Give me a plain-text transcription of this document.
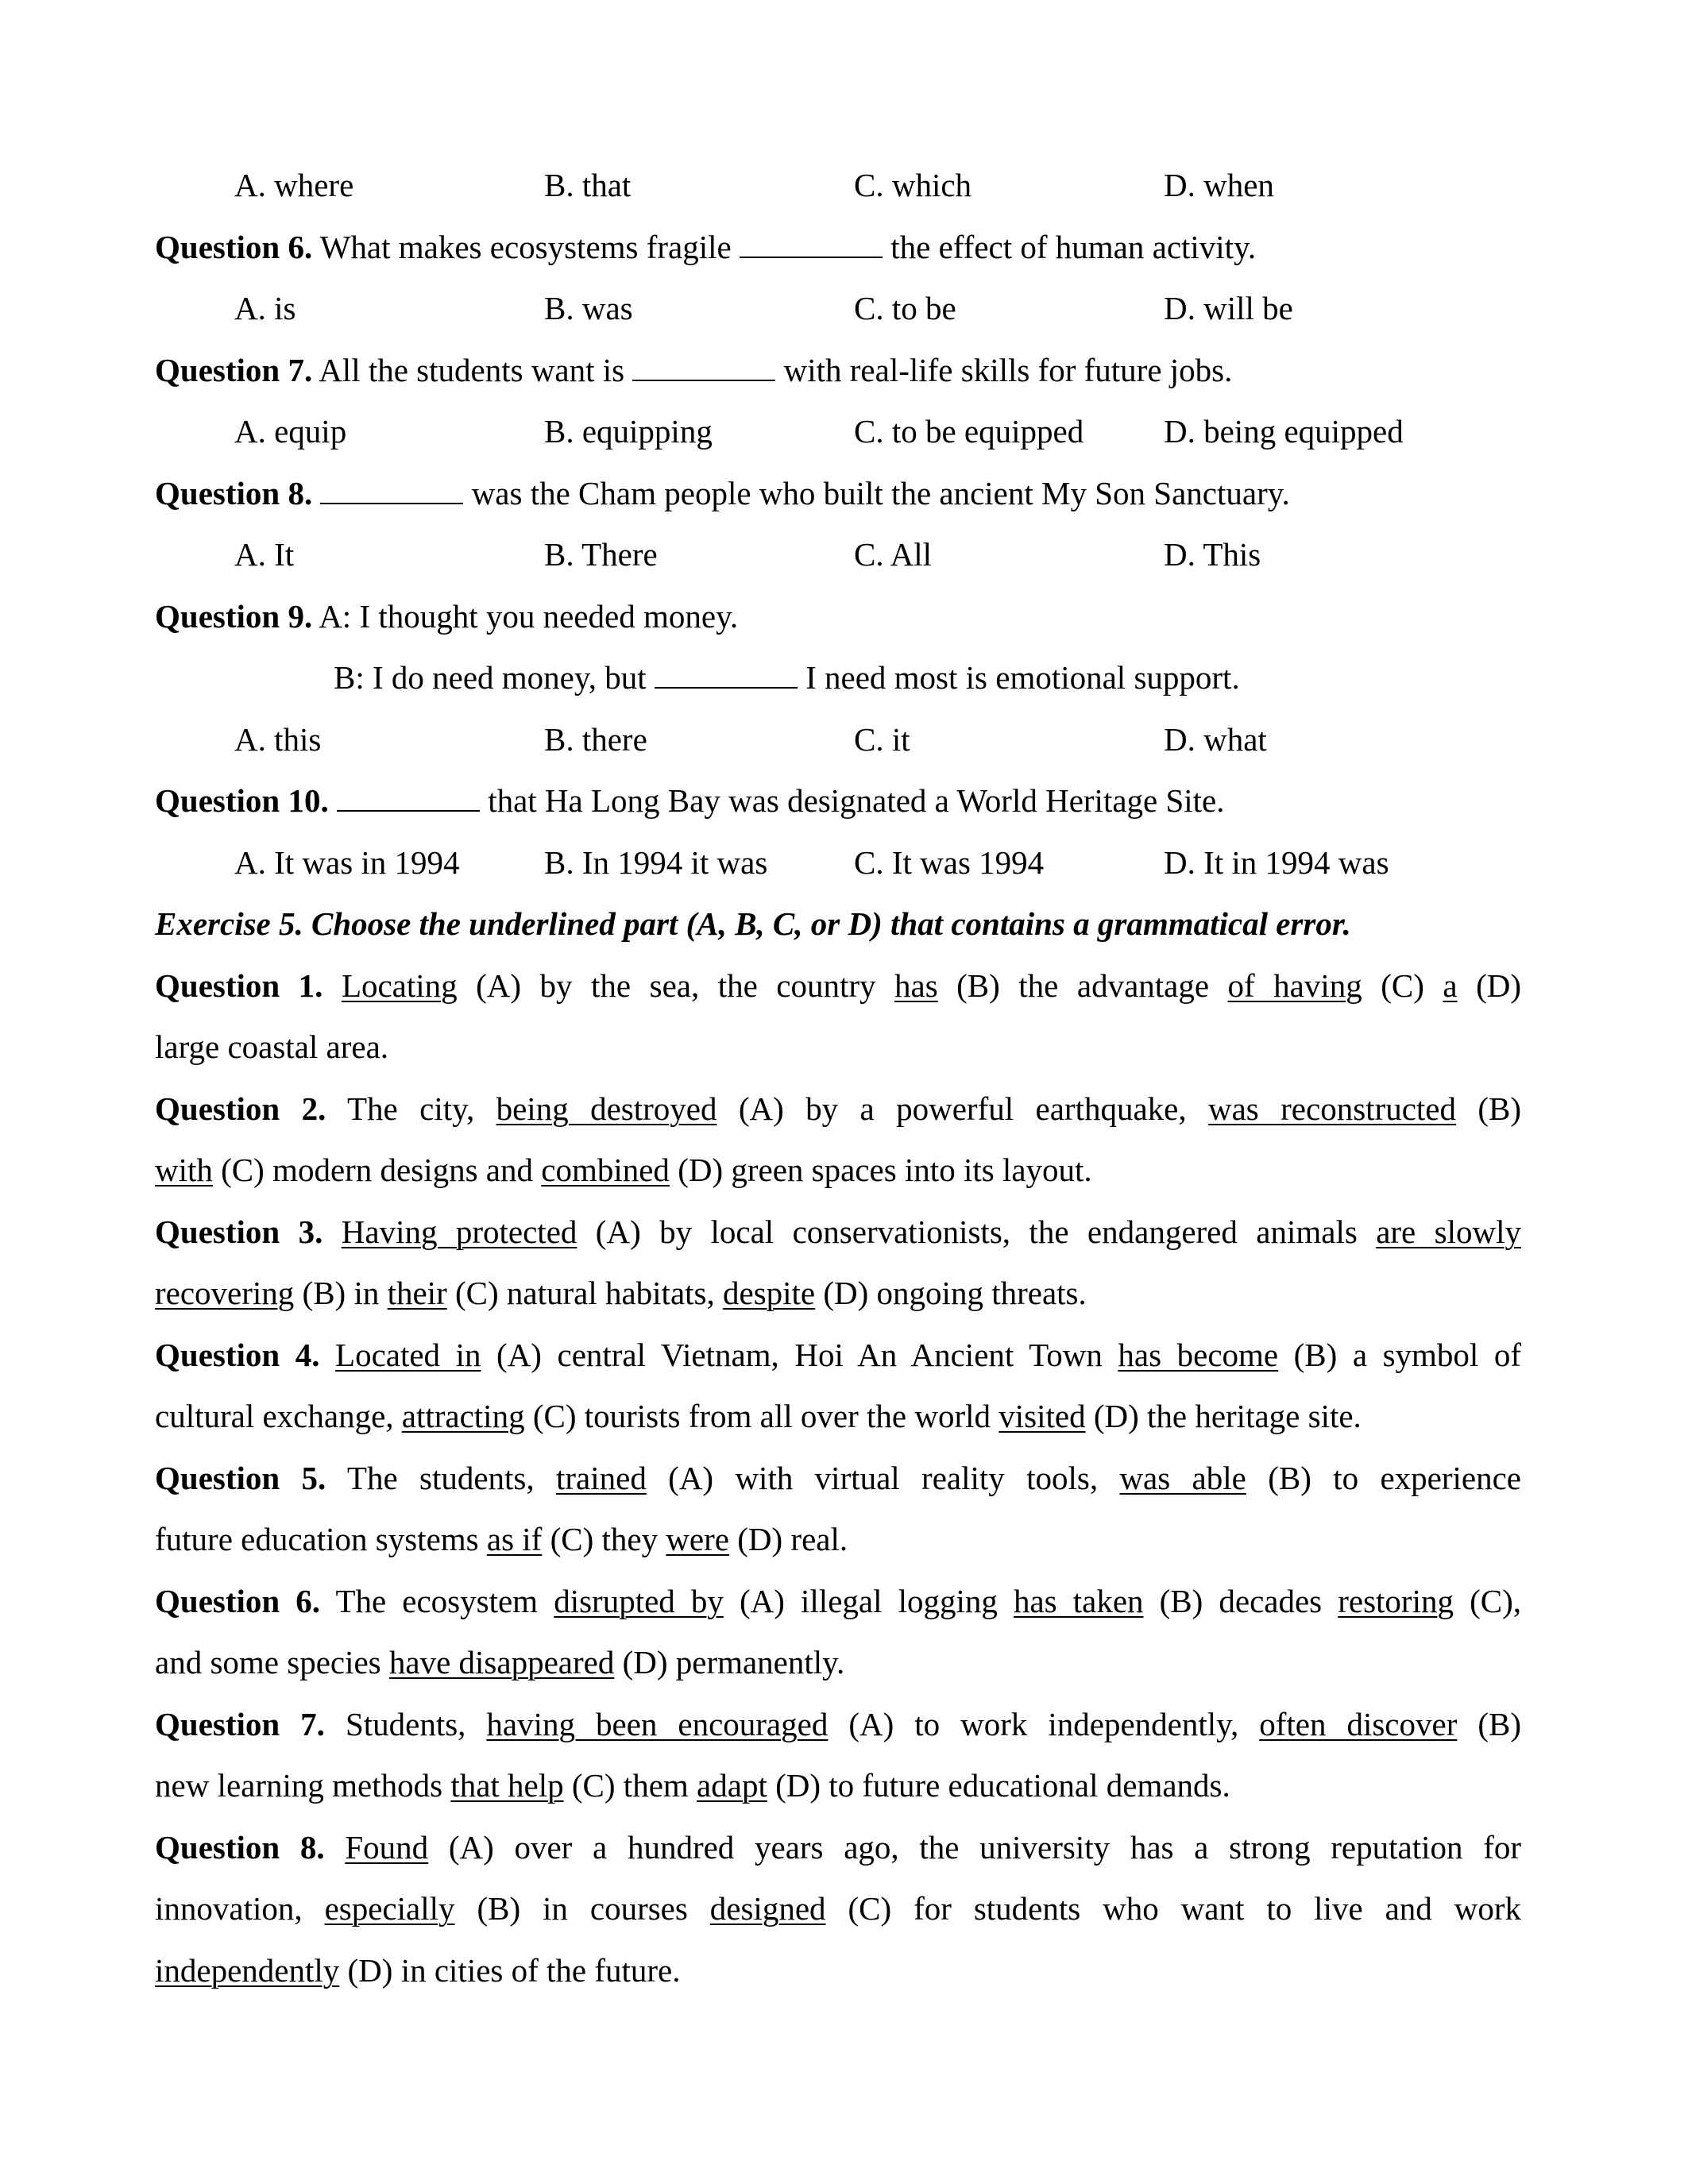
A. where	B. that	C. which	D. when
Question 6. What makes ecosystems fragile	the effect of human activity.
A. is	B. was	C. to be	D. will be
Question 7. All the students want is	with real-life skills for future jobs.
A. equip	B. equipping	C. to be equipped	D. being equipped
Question 8.	was the Cham people who built the ancient My Son Sanctuary.
A. It	B. There	C. All	D. This
Question 9. A: I thought you needed money.
B: I do need money, but	I need most is emotional support.
A. this	B. there	C. it	D. what
Question 10.	that Ha Long Bay was designated a World Heritage Site.
A. It was in 1994	B. In 1994 it was	C. It was 1994	D. It in 1994 was
Exercise 5. Choose the underlined part (A, B, C, or D) that contains a grammatical error.
Question 1. Locating (A) by the sea, the country has (B) the advantage of having (C) a (D)
large coastal area.
Question 2. The city, being destroyed (A) by a powerful earthquake, was reconstructed (B)
with (C) modern designs and combined (D) green spaces into its layout.
Question 3. Having protected (A) by local conservationists, the endangered animals are slowly
recovering (B) in their (C) natural habitats, despite (D) ongoing threats.
Question 4. Located in (A) central Vietnam, Hoi An Ancient Town has become (B) a symbol of
cultural exchange, attracting (C) tourists from all over the world visited (D) the heritage site.
Question 5. The students, trained (A) with virtual reality tools, was able (B) to experience
future education systems as if (C) they were (D) real.
Question 6. The ecosystem disrupted by (A) illegal logging has taken (B) decades restoring (C),
and some species have disappeared (D) permanently.
Question 7. Students, having been encouraged (A) to work independently, often discover (B)
new learning methods that help (C) them adapt (D) to future educational demands.
Question 8. Found (A) over a hundred years ago, the university has a strong reputation for
innovation, especially (B) in courses designed (C) for students who want to live and work
independently (D) in cities of the future.
